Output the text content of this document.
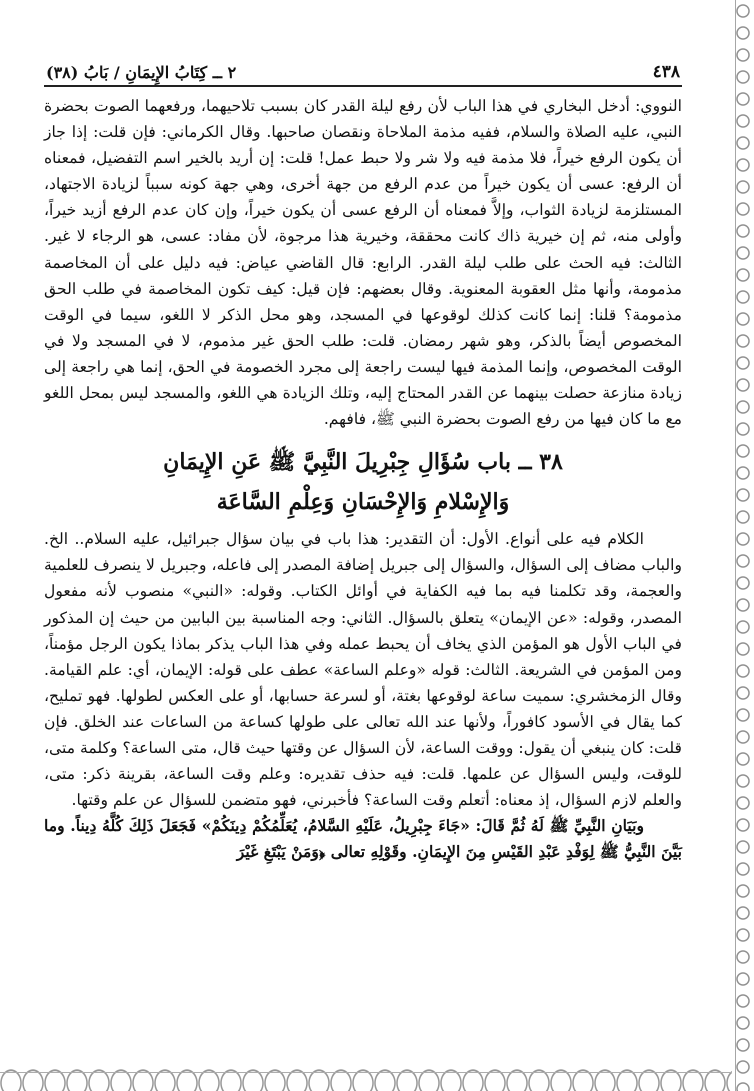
٤٣٨
٢ ــ كِتَابُ الإِيمَانِ / بَابُ (٣٨)

النووي: أدخل البخاري في هذا الباب لأن رفع ليلة القدر كان بسبب تلاحيهما، ورفعهما الصوت بحضرة النبي، عليه الصلاة والسلام، ففيه مذمة الملاحاة ونقصان صاحبها. وقال الكرماني: فإن قلت: إذا جاز أن يكون الرفع خيراً، فلا مذمة فيه ولا شر ولا حبط عمل! قلت: إن أريد بالخير اسم التفضيل، فمعناه أن الرفع: عسى أن يكون خيراً من عدم الرفع من جهة أخرى، وهي جهة كونه سبباً لزيادة الاجتهاد، المستلزمة لزيادة الثواب، وإلاَّ فمعناه أن الرفع عسى أن يكون خيراً، وإن كان عدم الرفع أزيد خيراً، وأولى منه، ثم إن خيرية ذاك كانت محققة، وخيرية هذا مرجوة، لأن مفاد: عسى، هو الرجاء لا غير. الثالث: فيه الحث على طلب ليلة القدر. الرابع: قال القاضي عياض: فيه دليل على أن المخاصمة مذمومة، وأنها مثل العقوبة المعنوية. وقال بعضهم: فإن قيل: كيف تكون المخاصمة في طلب الحق مذمومة؟ قلنا: إنما كانت كذلك لوقوعها في المسجد، وهو محل الذكر لا اللغو، سيما في الوقت المخصوص أيضاً بالذكر، وهو شهر رمضان. قلت: طلب الحق غير مذموم، لا في المسجد ولا في الوقت المخصوص، وإنما المذمة فيها ليست راجعة إلى مجرد الخصومة في الحق، إنما هي راجعة إلى زيادة منازعة حصلت بينهما عن القدر المحتاج إليه، وتلك الزيادة هي اللغو، والمسجد ليس بمحل اللغو مع ما كان فيها من رفع الصوت بحضرة النبي ﷺ، فافهم.

٣٨ ــ باب سُؤَالِ جِبْرِيلَ النَّبِيَّ ﷺ عَنِ الإِيمَانِ
وَالإِسْلامِ وَالإِحْسَانِ وَعِلْمِ السَّاعَة

الكلام فيه على أنواع. الأول: أن التقدير: هذا باب في بيان سؤال جبرائيل، عليه السلام.. الخ. والباب مضاف إلى السؤال، والسؤال إلى جبريل إضافة المصدر إلى فاعله، وجبريل لا ينصرف للعلمية والعجمة، وقد تكلمنا فيه بما فيه الكفاية في أوائل الكتاب. وقوله: «النبي» منصوب لأنه مفعول المصدر، وقوله: «عن الإيمان» يتعلق بالسؤال. الثاني: وجه المناسبة بين البابين من حيث إن المذكور في الباب الأول هو المؤمن الذي يخاف أن يحبط عمله وفي هذا الباب يذكر بماذا يكون الرجل مؤمناً، ومن المؤمن في الشريعة. الثالث: قوله «وعلم الساعة» عطف على قوله: الإيمان، أي: علم القيامة. وقال الزمخشري: سميت ساعة لوقوعها بغتة، أو لسرعة حسابها، أو على العكس لطولها. فهو تمليح، كما يقال في الأسود كافوراً، ولأنها عند الله تعالى على طولها كساعة من الساعات عند الخلق. فإن قلت: كان ينبغي أن يقول: ووقت الساعة، لأن السؤال عن وقتها حيث قال، متى الساعة؟ وكلمة متى، للوقت، وليس السؤال عن علمها. قلت: فيه حذف تقديره: وعلم وقت الساعة، بقرينة ذكر: متى، والعلم لازم السؤال، إذ معناه: أتعلم وقت الساعة؟ فأخبرني، فهو متضمن للسؤال عن علم وقتها.

وبَيَانِ النَّبِيِّ ﷺ لَهُ ثُمَّ قَالَ: «جَاءَ جِبْرِيلُ، عَلَيْهِ السَّلامُ، يُعَلِّمُكُمْ دِينَكُمْ» فَجَعَلَ ذَلِكَ كُلَّهُ دِيناً. وما بَيَّنَ النَّبِيُّ ﷺ لِوَفْدِ عَبْدِ القَيْسِ مِنَ الإِيمَانِ. وقَوْلِهِ تعالى ﴿وَمَنْ يَبْتَغِ غَيْرَ
